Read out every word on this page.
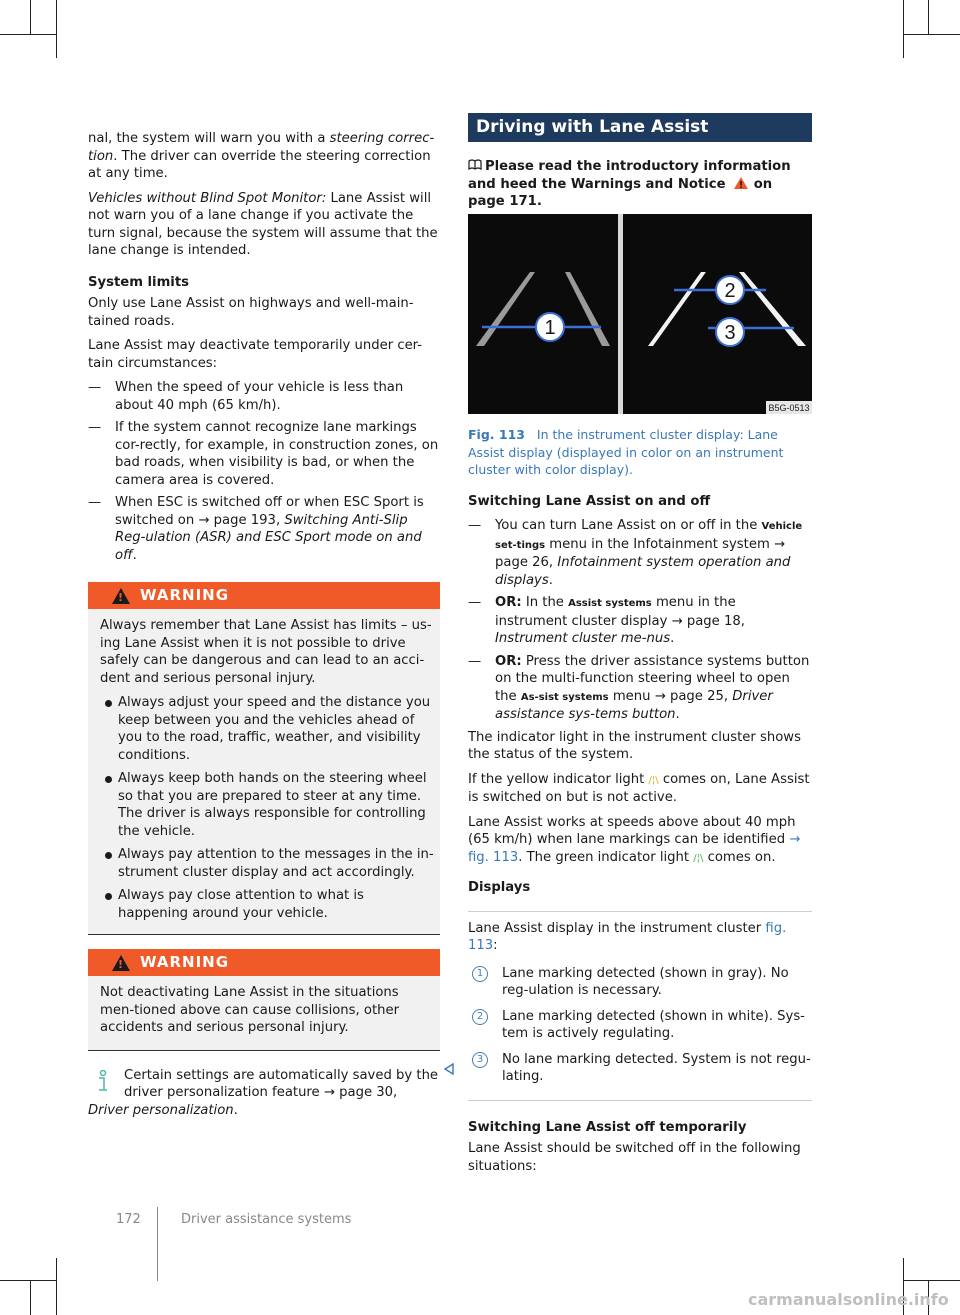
nal, the system will warn you with a steering correc-tion. The driver can override the steering correction at any time.

Vehicles without Blind Spot Monitor: Lane Assist will not warn you of a lane change if you activate the turn signal, because the system will assume that the lane change is intended.

System limits

Only use Lane Assist on highways and well-main-tained roads.

Lane Assist may deactivate temporarily under cer-tain circumstances:

— When the speed of your vehicle is less than about 40 mph (65 km/h).
— If the system cannot recognize lane markings cor-rectly, for example, in construction zones, on bad roads, when visibility is bad, or when the camera area is covered.
— When ESC is switched off or when ESC Sport is switched on → page 193, Switching Anti-Slip Reg-ulation (ASR) and ESC Sport mode on and off.
!
WARNING

Always remember that Lane Assist has limits – us-ing Lane Assist when it is not possible to drive safely can be dangerous and can lead to an acci-dent and serious personal injury.

Always adjust your speed and the distance you keep between you and the vehicles ahead of you to the road, traffic, weather, and visibility conditions.
Always keep both hands on the steering wheel so that you are prepared to steer at any time. The driver is always responsible for controlling the vehicle.
Always pay attention to the messages in the in-strument cluster display and act accordingly.
Always pay close attention to what is happening around your vehicle.
!
WARNING

Not deactivating Lane Assist in the situations men-tioned above can cause collisions, other accidents and serious personal injury.

Certain settings are automatically saved by the driver personalization feature → page 30,
Driver personalization.
Driving with Lane Assist

Please read the introductory information and heed the Warnings and Notice  on page 171.

1
2
3
B5G-0513

Fig. 113 In the instrument cluster display: Lane Assist display (displayed in color on an instrument cluster with color display).

Switching Lane Assist on and off

— You can turn Lane Assist on or off in the Vehicle set-tings menu in the Infotainment system → page 26, Infotainment system operation and displays.
— OR: In the Assist systems menu in the instrument cluster display → page 18, Instrument cluster me-nus.
— OR: Press the driver assistance systems button on the multi-function steering wheel to open the As-sist systems menu → page 25, Driver assistance sys-tems button.

The indicator light in the instrument cluster shows the status of the system.

If the yellow indicator light /¦\ comes on, Lane Assist is switched on but is not active.

Lane Assist works at speeds above about 40 mph (65 km/h) when lane markings can be identified → fig. 113. The green indicator light /¦\ comes on.

Displays

Lane Assist display in the instrument cluster fig. 113:

1	Lane marking detected (shown in gray). No reg-ulation is necessary.
2	Lane marking detected (shown in white). Sys-tem is actively regulating.
3	No lane marking detected. System is not regu-lating.

Switching Lane Assist off temporarily

Lane Assist should be switched off in the following situations:

172	Driver assistance systems
carmanualsonline.info
